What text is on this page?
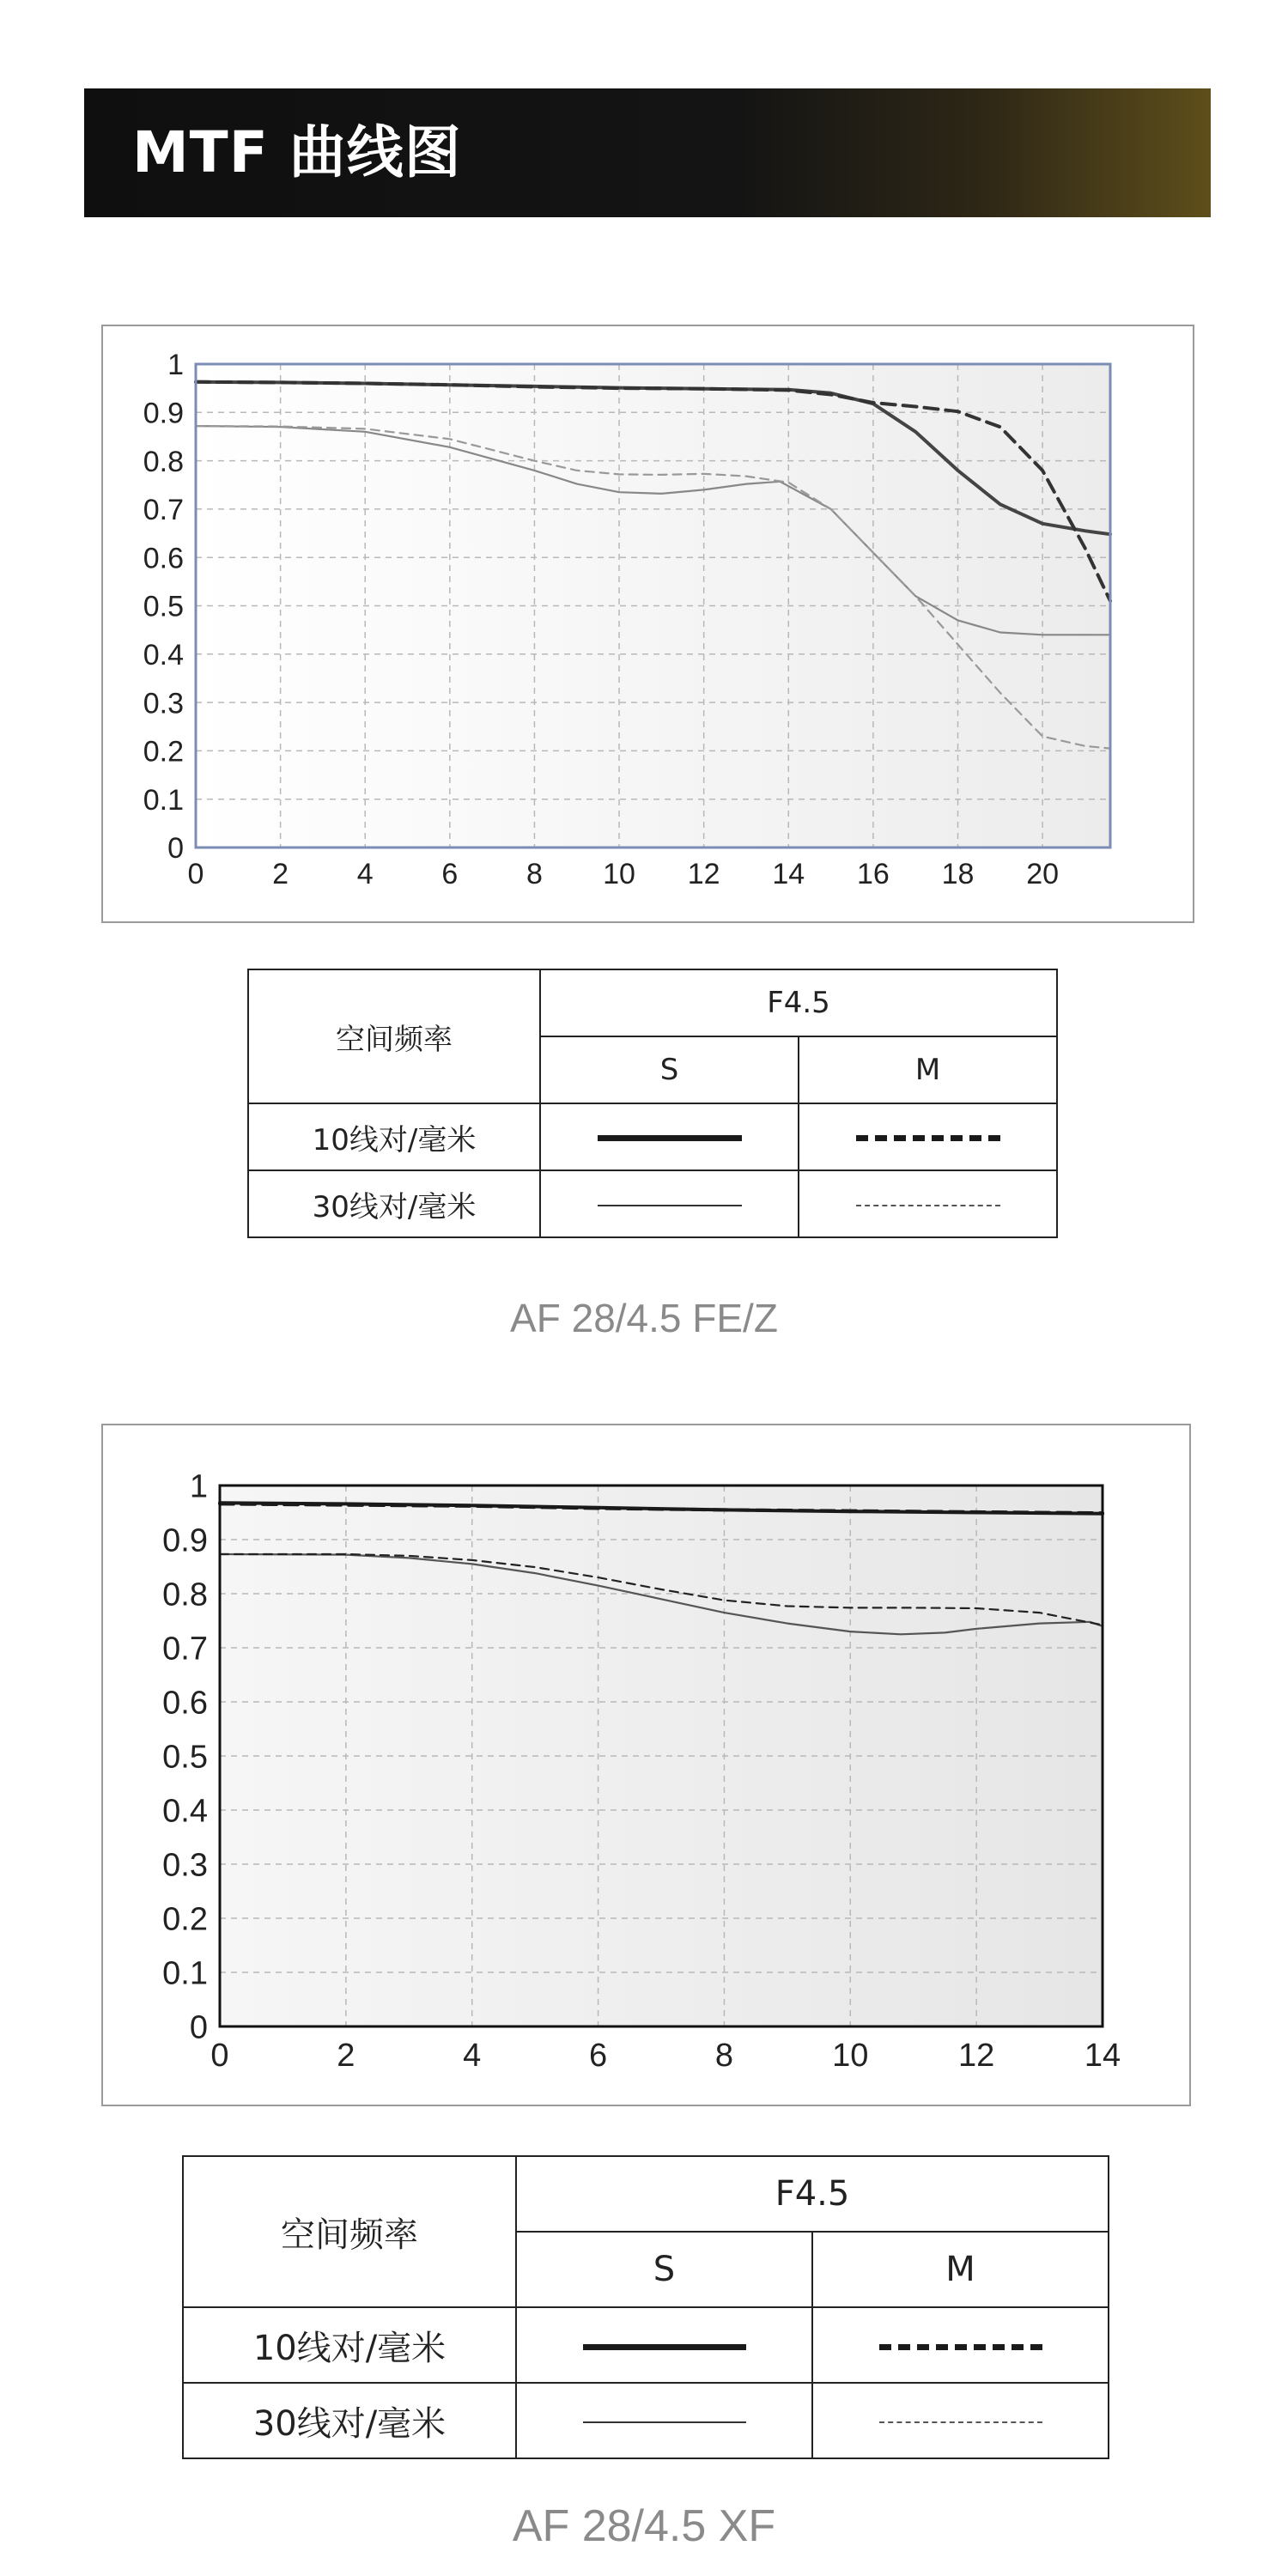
MTF 曲线图
0 2 4 6 8 10 12 14 16 18 20
0
0.1
0.2
0.3
0.4
0.5
0.6
0.7
0.8
0.9
1
空间频率	F4.5	
	S	M
10线对/毫米		
30线对/毫米		
AF 28/4.5 FE/Z
0	2	4	6	8	10	12	14
0
0.1
0.2
0.3
0.4
0.5
0.6
0.7
0.8
0.9
1
空间频率	F4.5	
	S	M
10线对/毫米		
30线对/毫米		
AF 28/4.5 XF
